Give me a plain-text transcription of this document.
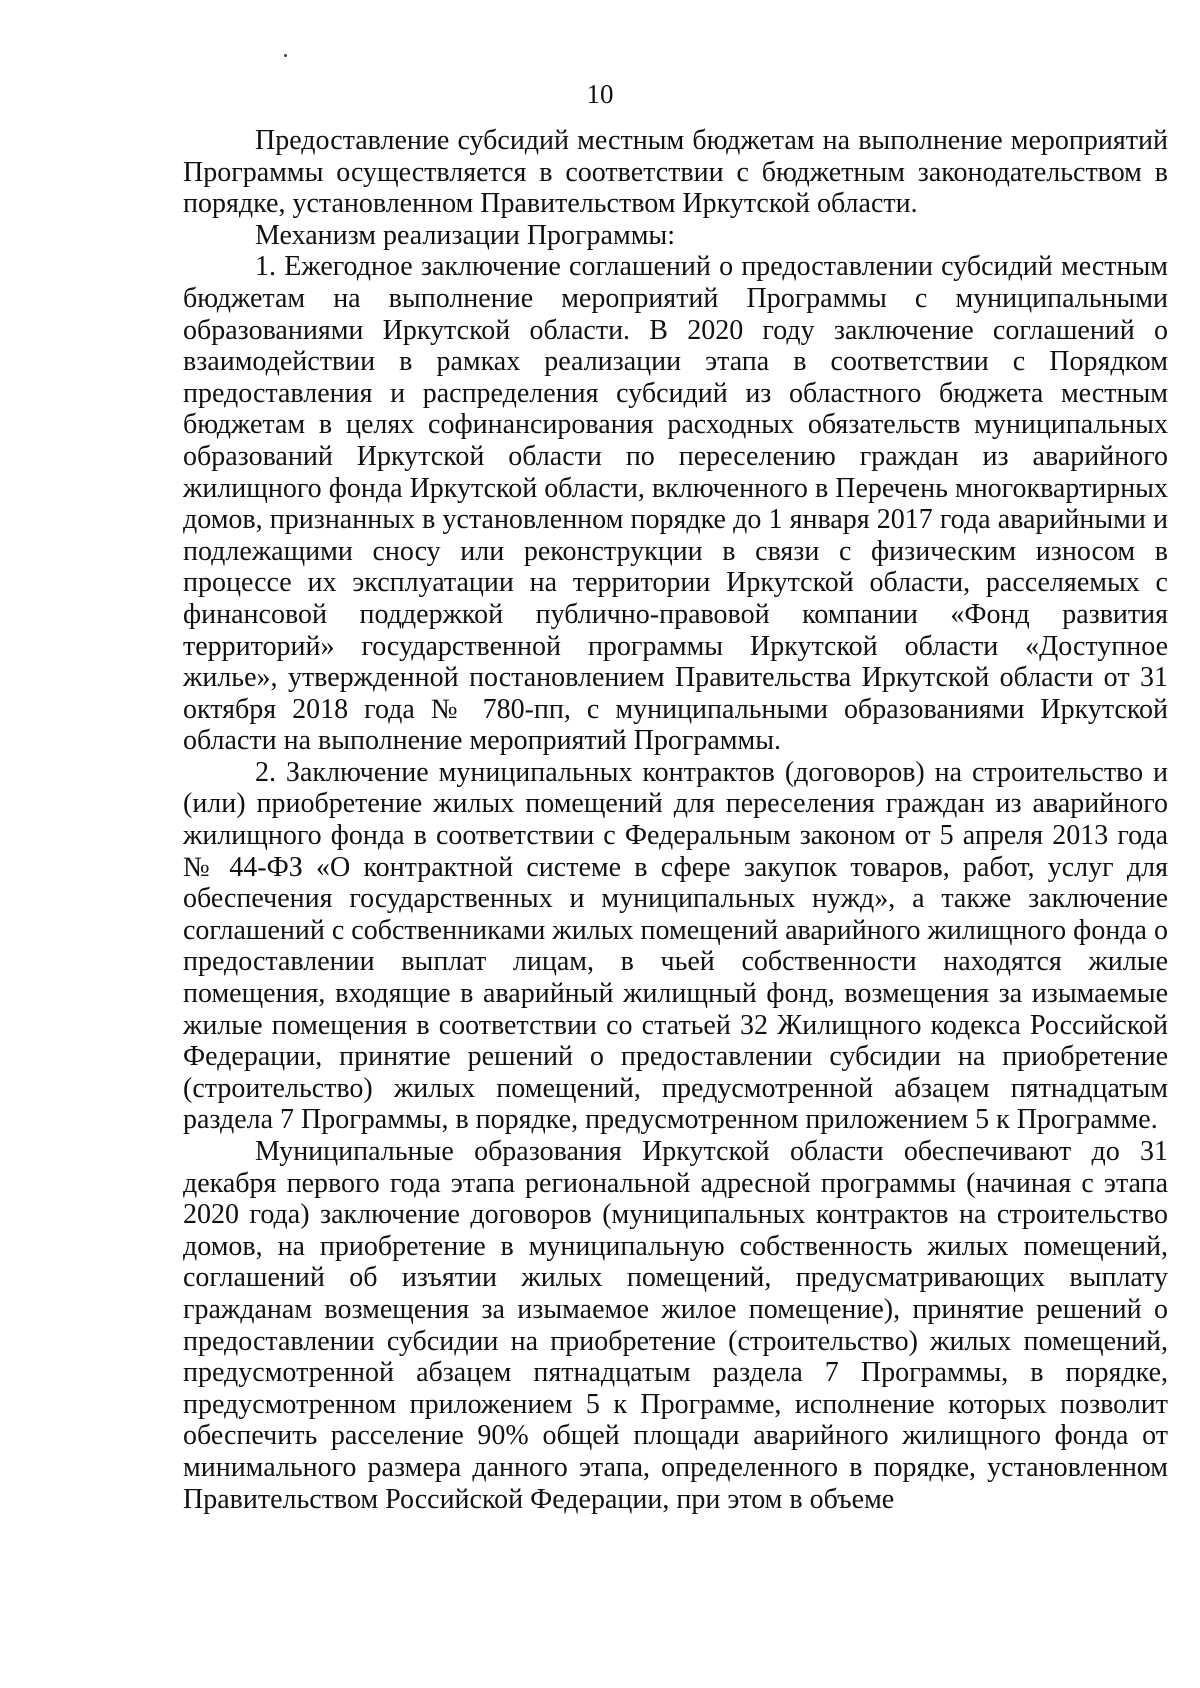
10

Предоставление субсидий местным бюджетам на выполнение мероприятий Программы осуществляется в соответствии с бюджетным законодательством в порядке, установленном Правительством Иркутской области.

Механизм реализации Программы:

1. Ежегодное заключение соглашений о предоставлении субсидий местным бюджетам на выполнение мероприятий Программы с муниципальными образованиями Иркутской области. В 2020 году заключение соглашений о взаимодействии в рамках реализации этапа в соответствии с Порядком предоставления и распределения субсидий из областного бюджета местным бюджетам в целях софинансирования расходных обязательств муниципальных образований Иркутской области по переселению граждан из аварийного жилищного фонда Иркутской области, включенного в Перечень многоквартирных домов, признанных в установленном порядке до 1 января 2017 года аварийными и подлежащими сносу или реконструкции в связи с физическим износом в процессе их эксплуатации на территории Иркутской области, расселяемых с финансовой поддержкой публично-правовой компании «Фонд развития территорий» государственной программы Иркутской области «Доступное жилье», утвержденной постановлением Правительства Иркутской области от 31 октября 2018 года № 780-пп, с муниципальными образованиями Иркутской области на выполнение мероприятий Программы.

2. Заключение муниципальных контрактов (договоров) на строительство и (или) приобретение жилых помещений для переселения граждан из аварийного жилищного фонда в соответствии с Федеральным законом от 5 апреля 2013 года № 44-ФЗ «О контрактной системе в сфере закупок товаров, работ, услуг для обеспечения государственных и муниципальных нужд», а также заключение соглашений с собственниками жилых помещений аварийного жилищного фонда о предоставлении выплат лицам, в чьей собственности находятся жилые помещения, входящие в аварийный жилищный фонд, возмещения за изымаемые жилые помещения в соответствии со статьей 32 Жилищного кодекса Российской Федерации, принятие решений о предоставлении субсидии на приобретение (строительство) жилых помещений, предусмотренной абзацем пятнадцатым раздела 7 Программы, в порядке, предусмотренном приложением 5 к Программе.

Муниципальные образования Иркутской области обеспечивают до 31 декабря первого года этапа региональной адресной программы (начиная с этапа 2020 года) заключение договоров (муниципальных контрактов на строительство домов, на приобретение в муниципальную собственность жилых помещений, соглашений об изъятии жилых помещений, предусматривающих выплату гражданам возмещения за изымаемое жилое помещение), принятие решений о предоставлении субсидии на приобретение (строительство) жилых помещений, предусмотренной абзацем пятнадцатым раздела 7 Программы, в порядке, предусмотренном приложением 5 к Программе, исполнение которых позволит обеспечить расселение 90% общей площади аварийного жилищного фонда от минимального размера данного этапа, определенного в порядке, установленном Правительством Российской Федерации, при этом в объеме
